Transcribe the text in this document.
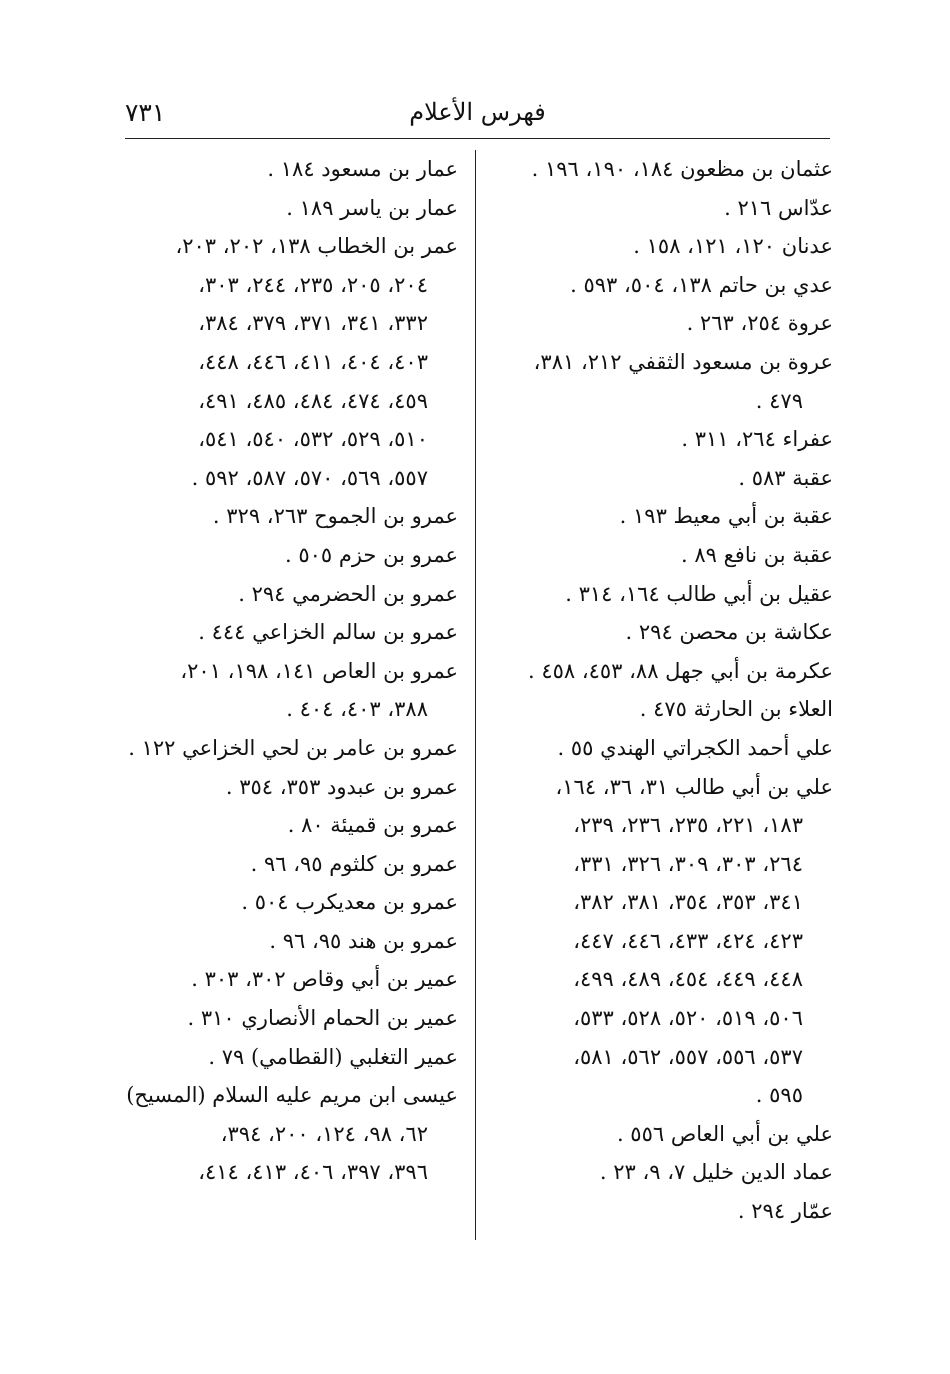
٧٣١	فهرس الأعلام
عثمان بن مظعون ١٨٤، ١٩٠، ١٩٦ .
عدّاس ٢١٦ .
عدنان ١٢٠، ١٢١، ١٥٨ .
عدي بن حاتم ١٣٨، ٥٠٤، ٥٩٣ .
عروة ٢٥٤، ٢٦٣ .
عروة بن مسعود الثقفي ٢١٢، ٣٨١،
٤٧٩ .
عفراء ٢٦٤، ٣١١ .
عقبة ٥٨٣ .
عقبة بن أبي معيط ١٩٣ .
عقبة بن نافع ٨٩ .
عقيل بن أبي طالب ١٦٤، ٣١٤ .
عكاشة بن محصن ٢٩٤ .
عكرمة بن أبي جهل ٨٨، ٤٥٣، ٤٥٨ .
العلاء بن الحارثة ٤٧٥ .
علي أحمد الكجراتي الهندي ٥٥ .
علي بن أبي طالب ٣١، ٣٦، ١٦٤،
١٨٣، ٢٢١، ٢٣٥، ٢٣٦، ٢٣٩،
٢٦٤، ٣٠٣، ٣٠٩، ٣٢٦، ٣٣١،
٣٤١، ٣٥٣، ٣٥٤، ٣٨١، ٣٨٢،
٤٢٣، ٤٢٤، ٤٣٣، ٤٤٦، ٤٤٧،
٤٤٨، ٤٤٩، ٤٥٤، ٤٨٩، ٤٩٩،
٥٠٦، ٥١٩، ٥٢٠، ٥٢٨، ٥٣٣،
٥٣٧، ٥٥٦، ٥٥٧، ٥٦٢، ٥٨١،
٥٩٥ .
علي بن أبي العاص ٥٥٦ .
عماد الدين خليل ٧، ٩، ٢٣ .
عمّار ٢٩٤ .
عمار بن مسعود ١٨٤ .
عمار بن ياسر ١٨٩ .
عمر بن الخطاب ١٣٨، ٢٠٢، ٢٠٣،
٢٠٤، ٢٠٥، ٢٣٥، ٢٤٤، ٣٠٣،
٣٣٢، ٣٤١، ٣٧١، ٣٧٩، ٣٨٤،
٤٠٣، ٤٠٤، ٤١١، ٤٤٦، ٤٤٨،
٤٥٩، ٤٧٤، ٤٨٤، ٤٨٥، ٤٩١،
٥١٠، ٥٢٩، ٥٣٢، ٥٤٠، ٥٤١،
٥٥٧، ٥٦٩، ٥٧٠، ٥٨٧، ٥٩٢ .
عمرو بن الجموح ٢٦٣، ٣٢٩ .
عمرو بن حزم ٥٠٥ .
عمرو بن الحضرمي ٢٩٤ .
عمرو بن سالم الخزاعي ٤٤٤ .
عمرو بن العاص ١٤١، ١٩٨، ٢٠١،
٣٨٨، ٤٠٣، ٤٠٤ .
عمرو بن عامر بن لحي الخزاعي ١٢٢ .
عمرو بن عبدود ٣٥٣، ٣٥٤ .
عمرو بن قميئة ٨٠ .
عمرو بن كلثوم ٩٥، ٩٦ .
عمرو بن معديكرب ٥٠٤ .
عمرو بن هند ٩٥، ٩٦ .
عمير بن أبي وقاص ٣٠٢، ٣٠٣ .
عمير بن الحمام الأنصاري ٣١٠ .
عمير التغلبي (القطامي) ٧٩ .
عيسى ابن مريم عليه السلام (المسيح)
٦٢، ٩٨، ١٢٤، ٢٠٠، ٣٩٤،
٣٩٦، ٣٩٧، ٤٠٦، ٤١٣، ٤١٤،
